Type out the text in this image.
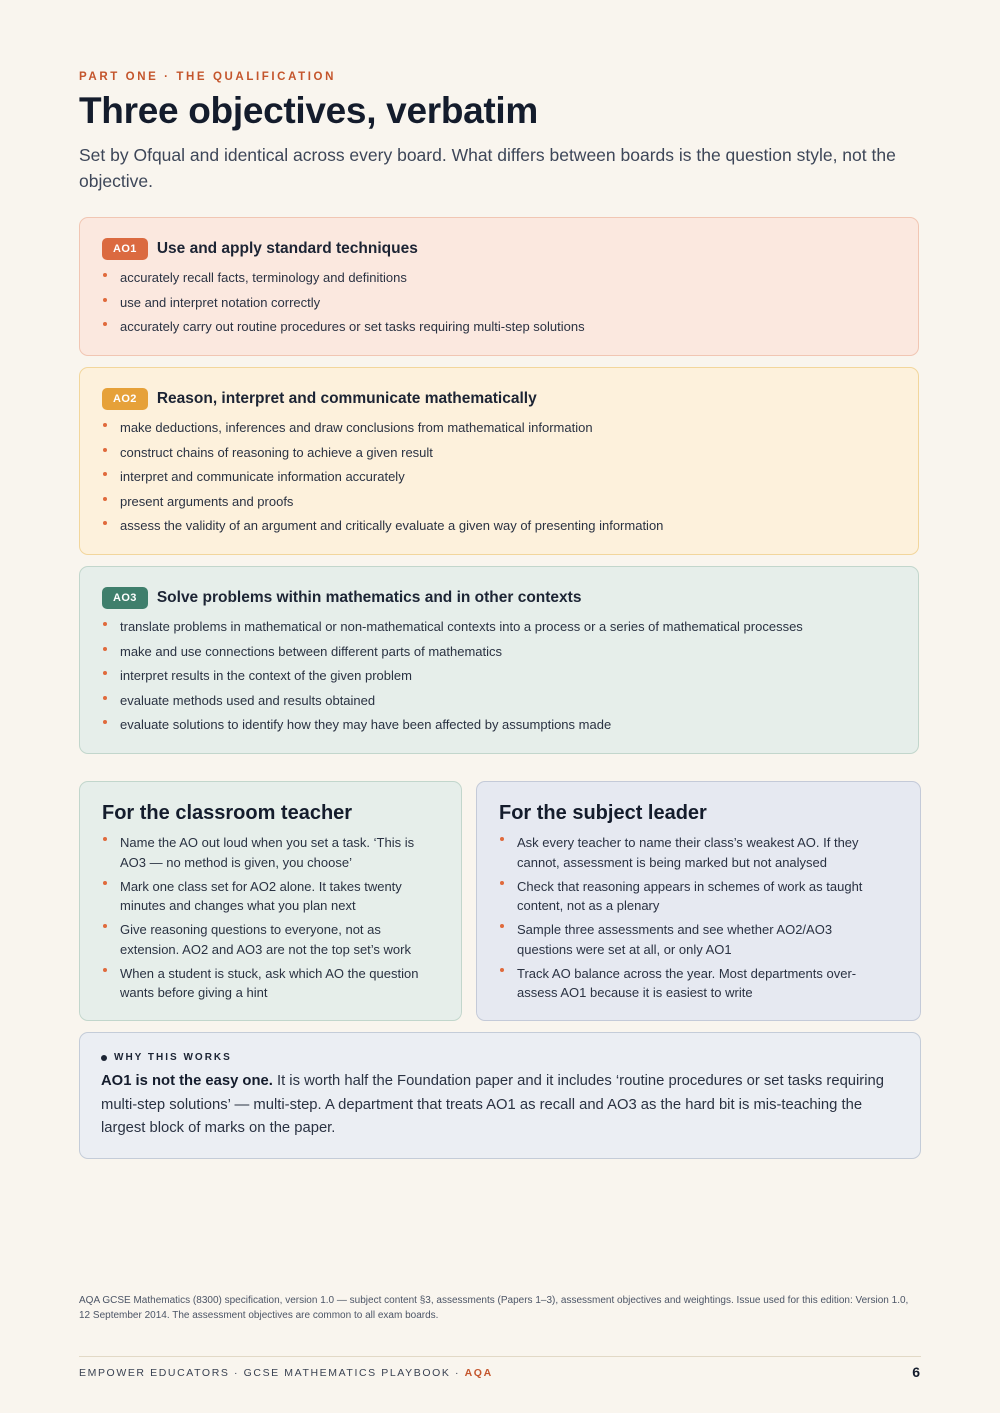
PART ONE · THE QUALIFICATION
Three objectives, verbatim

Set by Ofqual and identical across every board. What differs between boards is the question style, not the objective.

AO1	Use and apply standard techniques
accurately recall facts, terminology and definitions
use and interpret notation correctly
accurately carry out routine procedures or set tasks requiring multi-step solutions
AO2	Reason, interpret and communicate mathematically
make deductions, inferences and draw conclusions from mathematical information
construct chains of reasoning to achieve a given result
interpret and communicate information accurately
present arguments and proofs
assess the validity of an argument and critically evaluate a given way of presenting information
AO3	Solve problems within mathematics and in other contexts
translate problems in mathematical or non-mathematical contexts into a process or a series of mathematical processes
make and use connections between different parts of mathematics
interpret results in the context of the given problem
evaluate methods used and results obtained
evaluate solutions to identify how they may have been affected by assumptions made
For the classroom teacher
Name the AO out loud when you set a task. ‘This is AO3 — no method is given, you choose’
Mark one class set for AO2 alone. It takes twenty minutes and changes what you plan next
Give reasoning questions to everyone, not as extension. AO2 and AO3 are not the top set’s work
When a student is stuck, ask which AO the question wants before giving a hint
For the subject leader
Ask every teacher to name their class’s weakest AO. If they cannot, assessment is being marked but not analysed
Check that reasoning appears in schemes of work as taught content, not as a plenary
Sample three assessments and see whether AO2/AO3 questions were set at all, or only AO1
Track AO balance across the year. Most departments over-assess AO1 because it is easiest to write
WHY THIS WORKS

AO1 is not the easy one. It is worth half the Foundation paper and it includes ‘routine procedures or set tasks requiring multi-step solutions’ — multi-step. A department that treats AO1 as recall and AO3 as the hard bit is mis-teaching the largest block of marks on the paper.

AQA GCSE Mathematics (8300) specification, version 1.0 — subject content §3, assessments (Papers 1–3), assessment objectives and weightings. Issue used for this edition: Version 1.0, 12 September 2014. The assessment objectives are common to all exam boards.

EMPOWER EDUCATORS · GCSE MATHEMATICS PLAYBOOK · AQA	6
